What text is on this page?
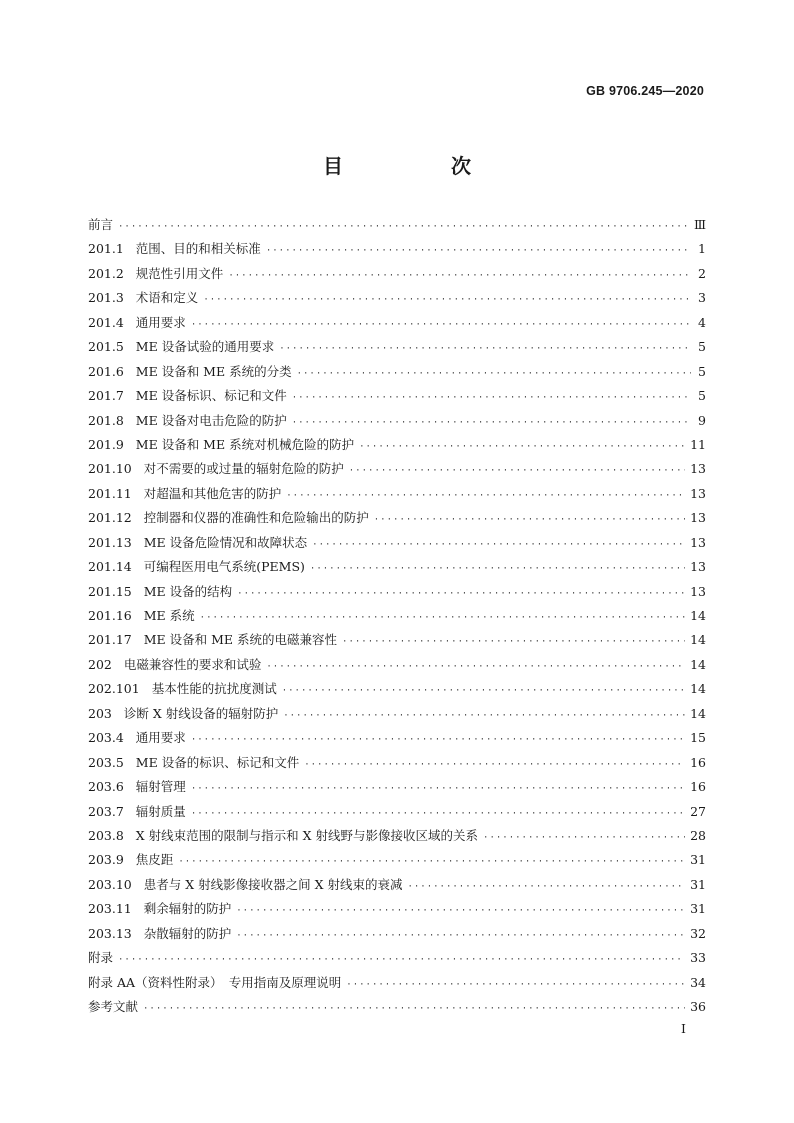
GB 9706.245—2020
目　次
前言 ·····	Ⅲ
201.1 范围、目的和相关标准 ·····	1
201.2 规范性引用文件 ·····	2
201.3 术语和定义 ·····	3
201.4 通用要求 ·····	4
201.5 ME 设备试验的通用要求 ·····	5
201.6 ME 设备和 ME 系统的分类 ·····	5
201.7 ME 设备标识、标记和文件 ·····	5
201.8 ME 设备对电击危险的防护 ·····	9
201.9 ME 设备和 ME 系统对机械危险的防护 ·····	11
201.10 对不需要的或过量的辐射危险的防护 ·····	13
201.11 对超温和其他危害的防护 ·····	13
201.12 控制器和仪器的准确性和危险输出的防护 ·····	13
201.13 ME 设备危险情况和故障状态 ·····	13
201.14 可编程医用电气系统(PEMS) ·····	13
201.15 ME 设备的结构 ·····	13
201.16 ME 系统 ·····	14
201.17 ME 设备和 ME 系统的电磁兼容性 ·····	14
202 电磁兼容性的要求和试验 ·····	14
202.101 基本性能的抗扰度测试 ·····	14
203 诊断 X 射线设备的辐射防护 ·····	14
203.4 通用要求 ·····	15
203.5 ME 设备的标识、标记和文件 ·····	16
203.6 辐射管理 ·····	16
203.7 辐射质量 ·····	27
203.8 X 射线束范围的限制与指示和 X 射线野与影像接收区域的关系 ·····	28
203.9 焦皮距 ·····	31
203.10 患者与 X 射线影像接收器之间 X 射线束的衰减 ·····	31
203.11 剩余辐射的防护 ·····	31
203.13 杂散辐射的防护 ·····	32
附录 ·····	33
附录 AA（资料性附录）　专用指南及原理说明 ·····	34
参考文献 ·····	36
Ⅰ
